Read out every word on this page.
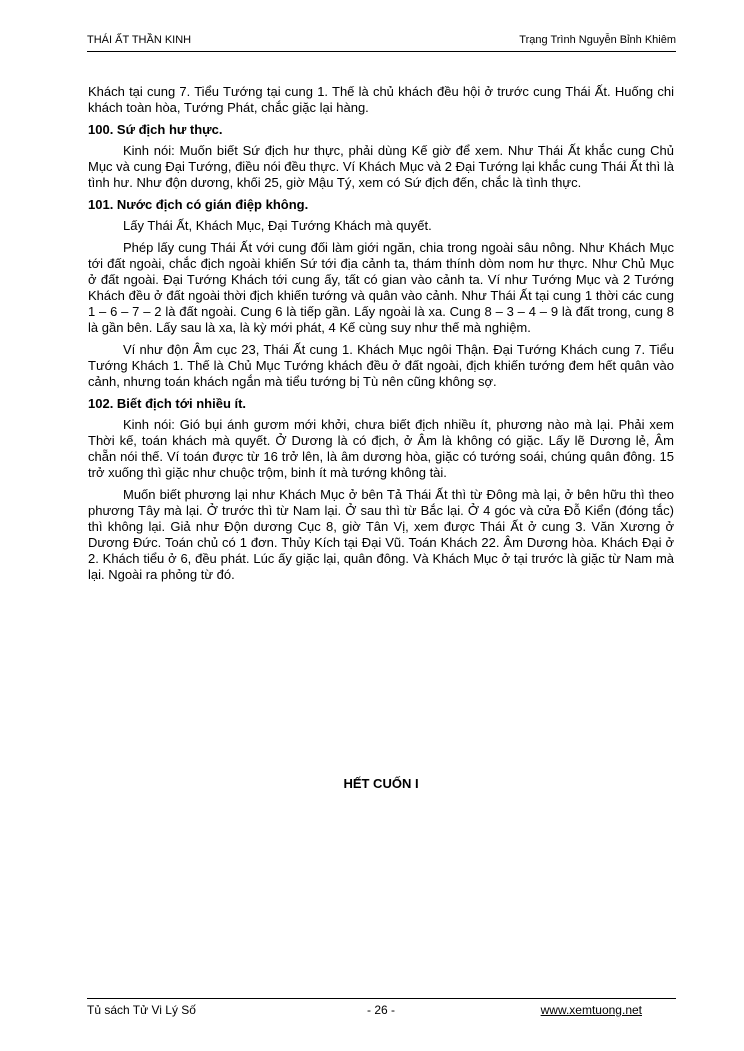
THÁI ẤT THẦN KINH	Trạng Trình Nguyễn Bỉnh Khiêm

Khách tại cung 7. Tiểu Tướng tại cung 1. Thế là chủ khách đều hội ở trước cung Thái Ất. Huống chi khách toàn hòa, Tướng Phát, chắc giặc lại hàng.

100. Sứ địch hư thực.

Kinh nói: Muốn biết Sứ địch hư thực, phải dùng Kế giờ để xem. Như Thái Ất khắc cung Chủ Mục và cung Đại Tướng, điều nói đều thực. Ví Khách Mục và 2 Đại Tướng lại khắc cung Thái Ất thì là tình hư. Như độn dương, khối 25, giờ Mậu Tý, xem có Sứ địch đến, chắc là tình thực.

101. Nước địch có gián điệp không.

Lấy Thái Ất, Khách Mục, Đại Tướng Khách mà quyết.

Phép lấy cung Thái Ất với cung đối làm giới ngăn, chia trong ngoài sâu nông. Như Khách Mục tới đất ngoài, chắc địch ngoài khiến Sứ tới địa cảnh ta, thám thính dòm nom hư thực. Như Chủ Mục ở đất ngoài. Đại Tướng Khách tới cung ấy, tất có gian vào cảnh ta. Ví như Tướng Mục và 2 Tướng Khách đều ở đất ngoài thời địch khiến tướng và quân vào cảnh. Như Thái Ất tại cung 1 thời các cung 1 – 6 – 7 – 2 là đất ngoài. Cung 6 là tiếp gần. Lấy ngoài là xa. Cung 8 – 3 – 4 – 9 là đất trong, cung 8 là gần bên. Lấy sau là xa, là kỳ mới phát, 4 Kế cùng suy như thế mà nghiệm.

Ví như độn Âm cục 23, Thái Ất cung 1. Khách Mục ngôi Thận. Đại Tướng Khách cung 7. Tiểu Tướng Khách 1. Thế là Chủ Mục Tướng khách đều ở đất ngoài, địch khiến tướng đem hết quân vào cảnh, nhưng toán khách ngắn mà tiểu tướng bị Tù nên cũng không sợ.

102. Biết địch tới nhiều ít.

Kinh nói: Gió bụi ánh gươm mới khởi, chưa biết địch nhiều ít, phương nào mà lại. Phải xem Thời kế, toán khách mà quyết. Ở Dương là có địch, ở Âm là không có giặc. Lấy lẽ Dương lẻ, Âm chẵn nói thế. Ví toán được từ 16 trở lên, là âm dương hòa, giặc có tướng soái, chúng quân đông. 15 trở xuống thì giặc như chuộc trộm, binh ít mà tướng không tài.

Muốn biết phương lại như Khách Mục ở bên Tả Thái Ất thì từ Đông mà lại, ở bên hữu thì theo phương Tây mà lại. Ở trước thì từ Nam lại. Ở sau thì từ Bắc lại. Ở 4 góc và cửa Đỗ Kiển (đóng tắc) thì không lại. Giả như Độn dương Cục 8, giờ Tân Vị, xem được Thái Ất ở cung 3. Văn Xương ở Dương Đức. Toán chủ có 1 đơn. Thủy Kích tại Đại Vũ. Toán Khách 22. Âm Dương hòa. Khách Đại ở 2. Khách tiểu ở 6, đều phát. Lúc ấy giặc lại, quân đông. Và Khách Mục ở tại trước là giặc từ Nam mà lại. Ngoài ra phỏng từ đó.

HẾT CUỐN I
Tủ sách Tử Vi Lý Số	- 26 -	www.xemtuong.net
